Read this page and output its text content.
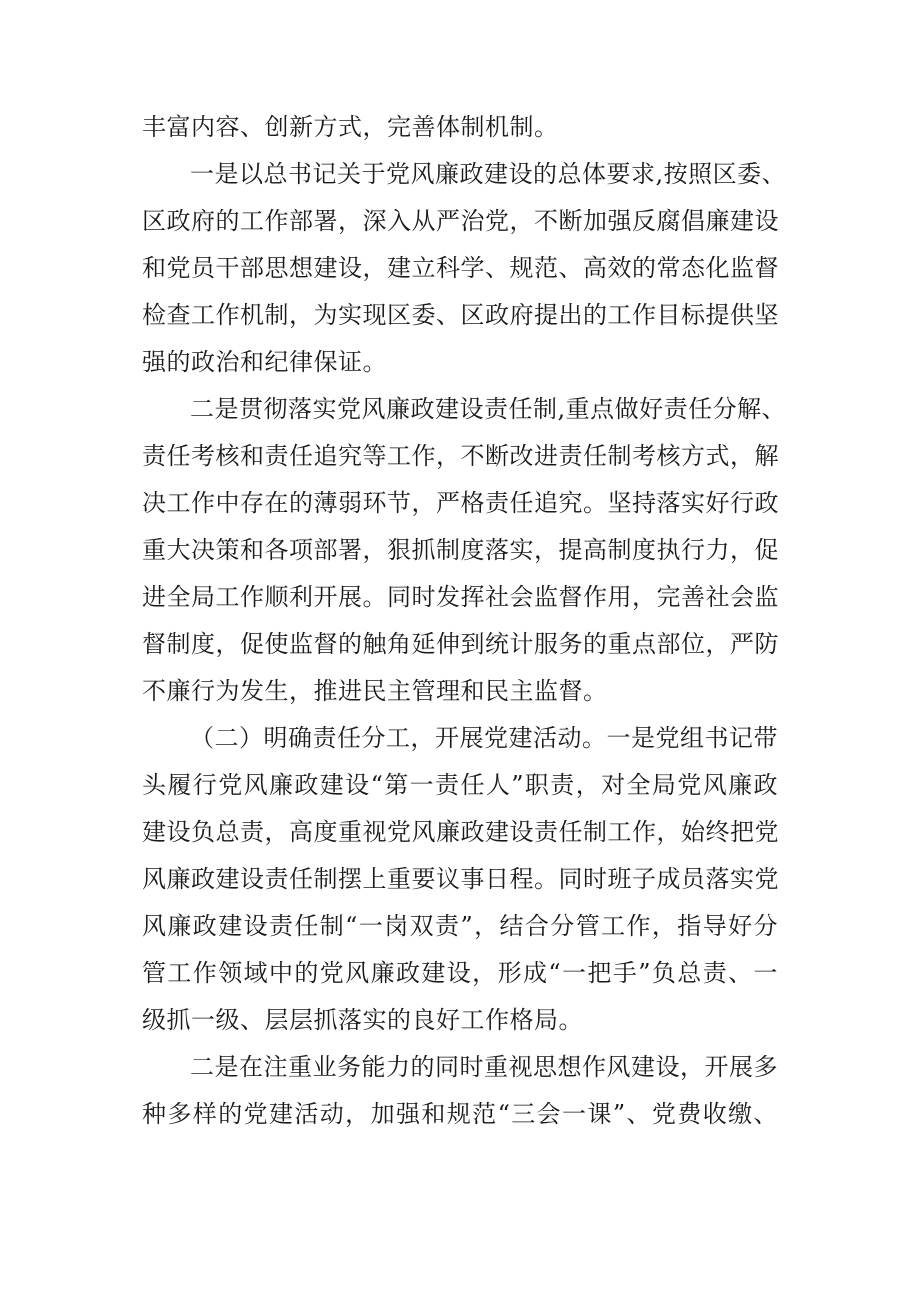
丰富内容、创新方式，完善体制机制。
一是以总书记关于党风廉政建设的总体要求,按照区委、
区政府的工作部署，深入从严治党，不断加强反腐倡廉建设
和党员干部思想建设，建立科学、规范、高效的常态化监督
检查工作机制，为实现区委、区政府提出的工作目标提供坚
强的政治和纪律保证。
二是贯彻落实党风廉政建设责任制,重点做好责任分解、
责任考核和责任追究等工作，不断改进责任制考核方式，解
决工作中存在的薄弱环节，严格责任追究。坚持落实好行政
重大决策和各项部署，狠抓制度落实，提高制度执行力，促
进全局工作顺利开展。同时发挥社会监督作用，完善社会监
督制度，促使监督的触角延伸到统计服务的重点部位，严防
不廉行为发生，推进民主管理和民主监督。
（二）明确责任分工，开展党建活动。一是党组书记带
头履行党风廉政建设“第一责任人”职责，对全局党风廉政
建设负总责，高度重视党风廉政建设责任制工作，始终把党
风廉政建设责任制摆上重要议事日程。同时班子成员落实党
风廉政建设责任制“一岗双责”，结合分管工作，指导好分
管工作领域中的党风廉政建设，形成“一把手”负总责、一
级抓一级、层层抓落实的良好工作格局。
二是在注重业务能力的同时重视思想作风建设，开展多
种多样的党建活动，加强和规范“三会一课”、党费收缴、
